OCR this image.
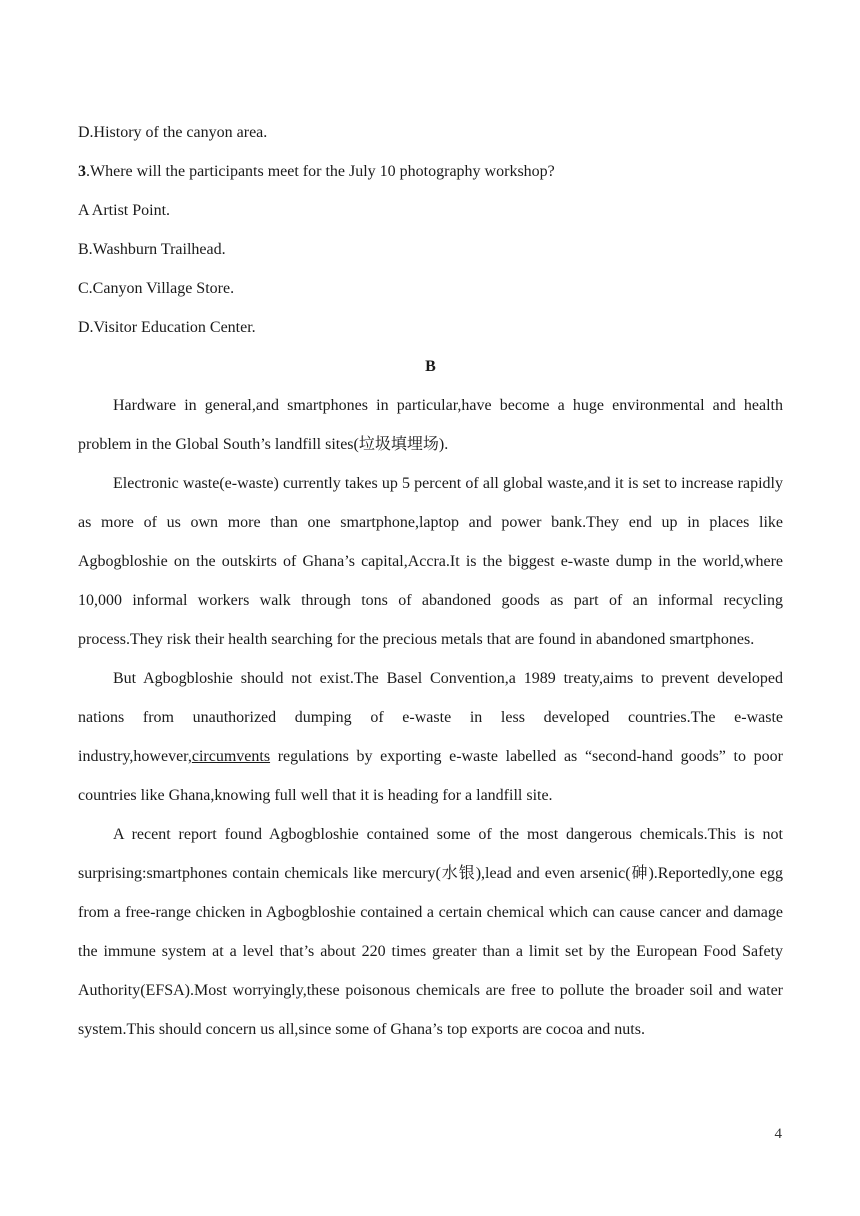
D.History of the canyon area.

3.Where will the participants meet for the July 10 photography workshop?

A Artist Point.

B.Washburn Trailhead.

C.Canyon Village Store.

D.Visitor Education Center.

B

Hardware in general,and smartphones in particular,have become a huge environmental and health problem in the Global South’s landfill sites(垃圾填埋场).

Electronic waste(e-waste) currently takes up 5 percent of all global waste,and it is set to increase rapidly as more of us own more than one smartphone,laptop and power bank.They end up in places like Agbogbloshie on the outskirts of Ghana’s capital,Accra.It is the biggest e-waste dump in the world,where 10,000 informal workers walk through tons of abandoned goods as part of an informal recycling process.They risk their health searching for the precious metals that are found in abandoned smartphones.

But Agbogbloshie should not exist.The Basel Convention,a 1989 treaty,aims to prevent developed nations from unauthorized dumping of e-waste in less developed countries.The e-waste industry,however,circumvents regulations by exporting e-waste labelled as “second-hand goods” to poor countries like Ghana,knowing full well that it is heading for a landfill site.

A recent report found Agbogbloshie contained some of the most dangerous chemicals.This is not surprising:smartphones contain chemicals like mercury(水银),lead and even arsenic(砷).Reportedly,one egg from a free-range chicken in Agbogbloshie contained a certain chemical which can cause cancer and damage the immune system at a level that’s about 220 times greater than a limit set by the European Food Safety Authority(EFSA).Most worryingly,these poisonous chemicals are free to pollute the broader soil and water system.This should concern us all,since some of Ghana’s top exports are cocoa and nuts.

4
